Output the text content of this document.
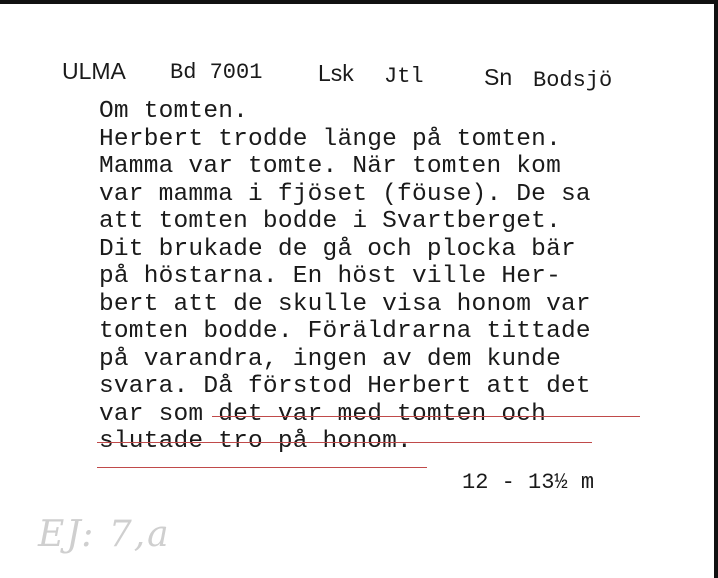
ULMA Bd 7001 Lsk Jtl	Sn Bodsjö
Om tomten.
Herbert trodde länge på tomten.
Mamma var tomte. När tomten kom
var mamma i fjöset (föuse). De sa
att tomten bodde i Svartberget.
Dit brukade de gå och plocka bär
på höstarna. En höst ville Her-
bert att de skulle visa honom var
tomten bodde. Föräldrarna tittade
på varandra, ingen av dem kunde
svara. Då förstod Herbert att det
var som det var med tomten och
slutade tro på honom.
12 - 13½ m
EJ: 7,a
